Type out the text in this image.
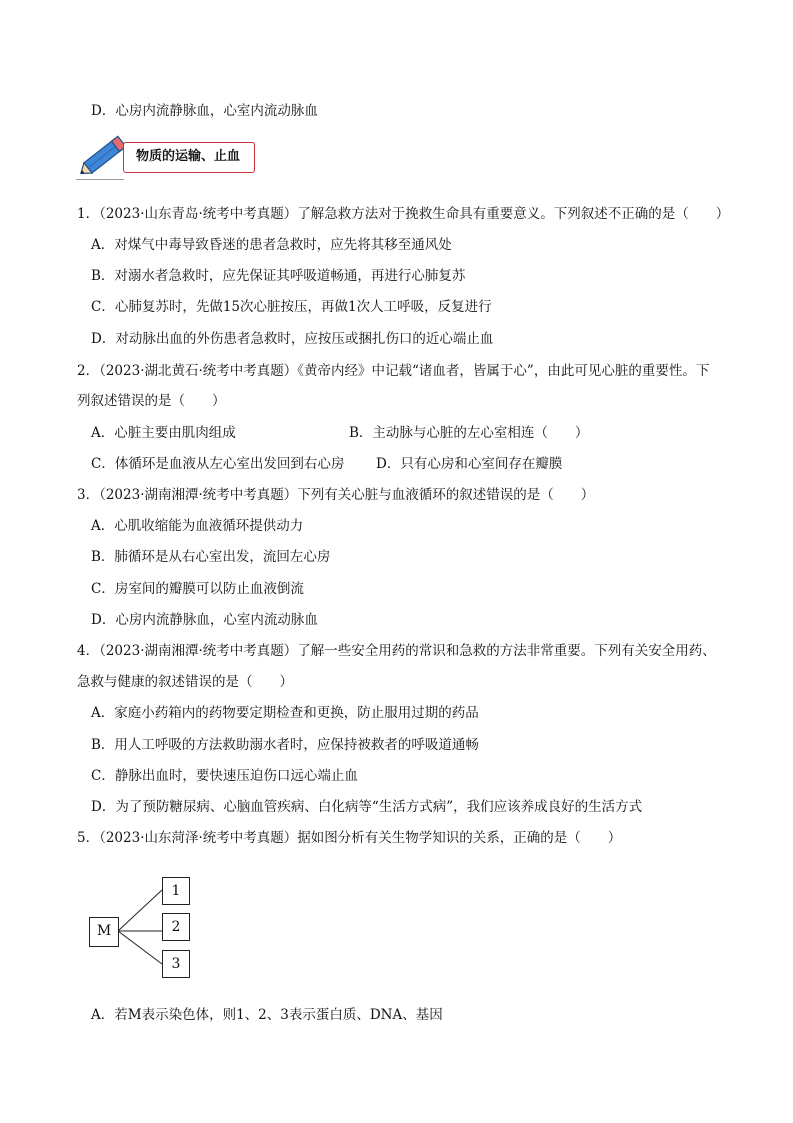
D．心房内流静脉血，心室内流动脉血
物质的运输、止血
1．（2023·山东青岛·统考中考真题）了解急救方法对于挽救生命具有重要意义。下列叙述不正确的是（　　）
A．对煤气中毒导致昏迷的患者急救时，应先将其移至通风处
B．对溺水者急救时，应先保证其呼吸道畅通，再进行心肺复苏
C．心肺复苏时，先做15次心脏按压，再做1次人工呼吸，反复进行
D．对动脉出血的外伤患者急救时，应按压或捆扎伤口的近心端止血
2．（2023·湖北黄石·统考中考真题）《黄帝内经》中记载“诸血者，皆属于心”，由此可见心脏的重要性。下
列叙述错误的是（　　）
A．心脏主要由肌肉组成	B．主动脉与心脏的左心室相连（　　）
C．体循环是血液从左心室出发回到右心房 D．只有心房和心室间存在瓣膜
3．（2023·湖南湘潭·统考中考真题）下列有关心脏与血液循环的叙述错误的是（　　）
A．心肌收缩能为血液循环提供动力
B．肺循环是从右心室出发，流回左心房
C．房室间的瓣膜可以防止血液倒流
D．心房内流静脉血，心室内流动脉血
4．（2023·湖南湘潭·统考中考真题）了解一些安全用药的常识和急救的方法非常重要。下列有关安全用药、
急救与健康的叙述错误的是（　　）
A．家庭小药箱内的药物要定期检查和更换，防止服用过期的药品
B．用人工呼吸的方法救助溺水者时，应保持被救者的呼吸道通畅
C．静脉出血时，要快速压迫伤口远心端止血
D．为了预防糖尿病、心脑血管疾病、白化病等“生活方式病”，我们应该养成良好的生活方式
5．（2023·山东菏泽·统考中考真题）据如图分析有关生物学知识的关系，正确的是（　　）
M
1
2
3
A．若M表示染色体，则1、2、3表示蛋白质、DNA、基因
